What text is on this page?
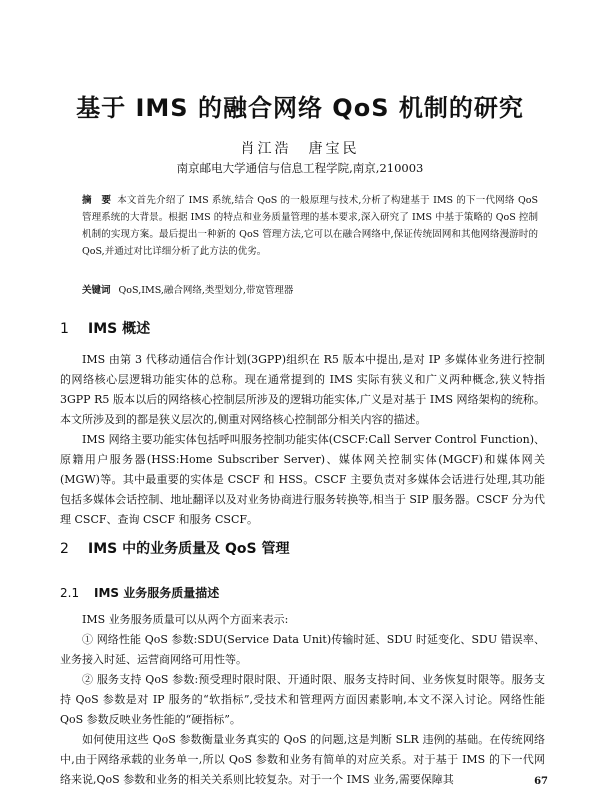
基于 IMS 的融合网络 QoS 机制的研究
肖江浩　唐宝民
南京邮电大学通信与信息工程学院,南京,210003
摘　要 本文首先介绍了 IMS 系统,结合 QoS 的一般原理与技术,分析了构建基于 IMS 的下一代网络 QoS 管理系统的大背景。根据 IMS 的特点和业务质量管理的基本要求,深入研究了 IMS 中基于策略的 QoS 控制机制的实现方案。最后提出一种新的 QoS 管理方法,它可以在融合网络中,保证传统固网和其他网络漫游时的 QoS,并通过对比详细分析了此方法的优劣。
关键词 QoS,IMS,融合网络,类型划分,带宽管理器
1 IMS 概述

IMS 由第 3 代移动通信合作计划(3GPP)组织在 R5 版本中提出,是对 IP 多媒体业务进行控制的网络核心层逻辑功能实体的总称。现在通常提到的 IMS 实际有狭义和广义两种概念,狭义特指 3GPP R5 版本以后的网络核心控制层所涉及的逻辑功能实体,广义是对基于 IMS 网络架构的统称。本文所涉及到的都是狭义层次的,侧重对网络核心控制部分相关内容的描述。

IMS 网络主要功能实体包括呼叫服务控制功能实体(CSCF:Call Server Control Function)、原籍用户服务器(HSS:Home Subscriber Server)、媒体网关控制实体(MGCF)和媒体网关(MGW)等。其中最重要的实体是 CSCF 和 HSS。CSCF 主要负责对多媒体会话进行处理,其功能包括多媒体会话控制、地址翻译以及对业务协商进行服务转换等,相当于 SIP 服务器。CSCF 分为代理 CSCF、查询 CSCF 和服务 CSCF。

2 IMS 中的业务质量及 QoS 管理
2.1 IMS 业务服务质量描述

IMS 业务服务质量可以从两个方面来表示:

① 网络性能 QoS 参数:SDU(Service Data Unit)传输时延、SDU 时延变化、SDU 错误率、业务接入时延、运营商网络可用性等。

② 服务支持 QoS 参数:预受理时限时限、开通时限、服务支持时间、业务恢复时限等。服务支持 QoS 参数是对 IP 服务的“软指标”,受技术和管理两方面因素影响,本文不深入讨论。网络性能 QoS 参数反映业务性能的“硬指标”。

如何使用这些 QoS 参数衡量业务真实的 QoS 的问题,这是判断 SLR 违例的基础。在传统网络中,由于网络承载的业务单一,所以 QoS 参数和业务有简单的对应关系。对于基于 IMS 的下一代网络来说,QoS 参数和业务的相关关系则比较复杂。对于一个 IMS 业务,需要保障其	67
